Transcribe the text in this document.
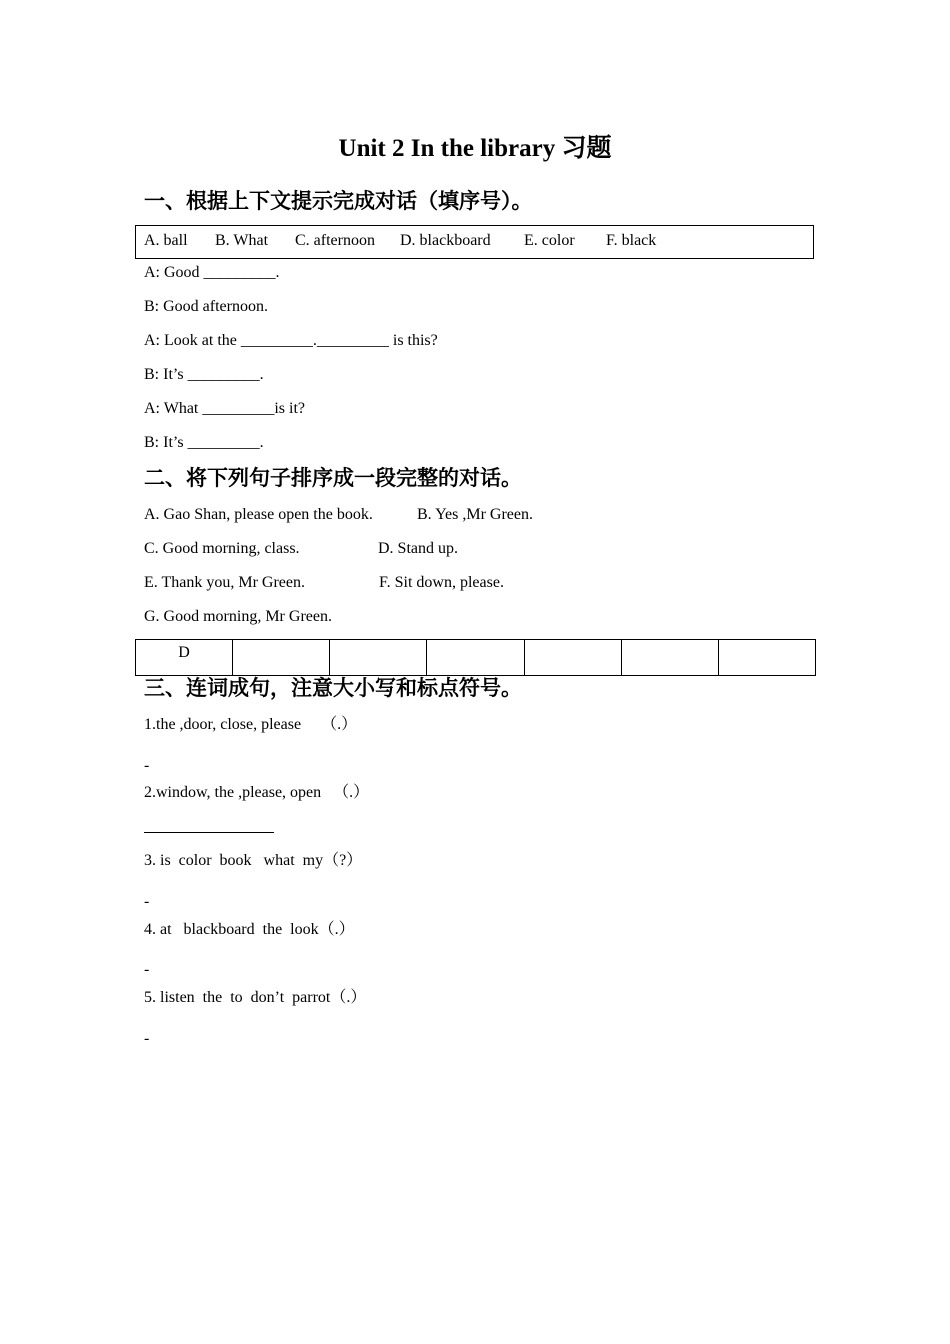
Unit 2 In the library 习题
一、根据上下文提示完成对话（填序号）。
A. ball B. What C. afternoon D. blackboard E. color F. black
A: Good _________.
B: Good afternoon.
A: Look at the _________._________ is this?
B: It’s _________.
A: What _________is it?
B: It’s _________.
二、将下列句子排序成一段完整的对话。
A. Gao Shan, please open the book.	B. Yes ,Mr Green.
C. Good morning, class.	D. Stand up.
E. Thank you, Mr Green.	F. Sit down, please.
G. Good morning, Mr Green.
D						
三、连词成句，注意大小写和标点符号。
1.the ,door, close, please     （.）
-
2.window, the ,please, open   （.）
3. is  color  book   what  my（?）
-
4. at   blackboard  the  look（.）
-
5. listen  the  to  don’t  parrot（.）
-
